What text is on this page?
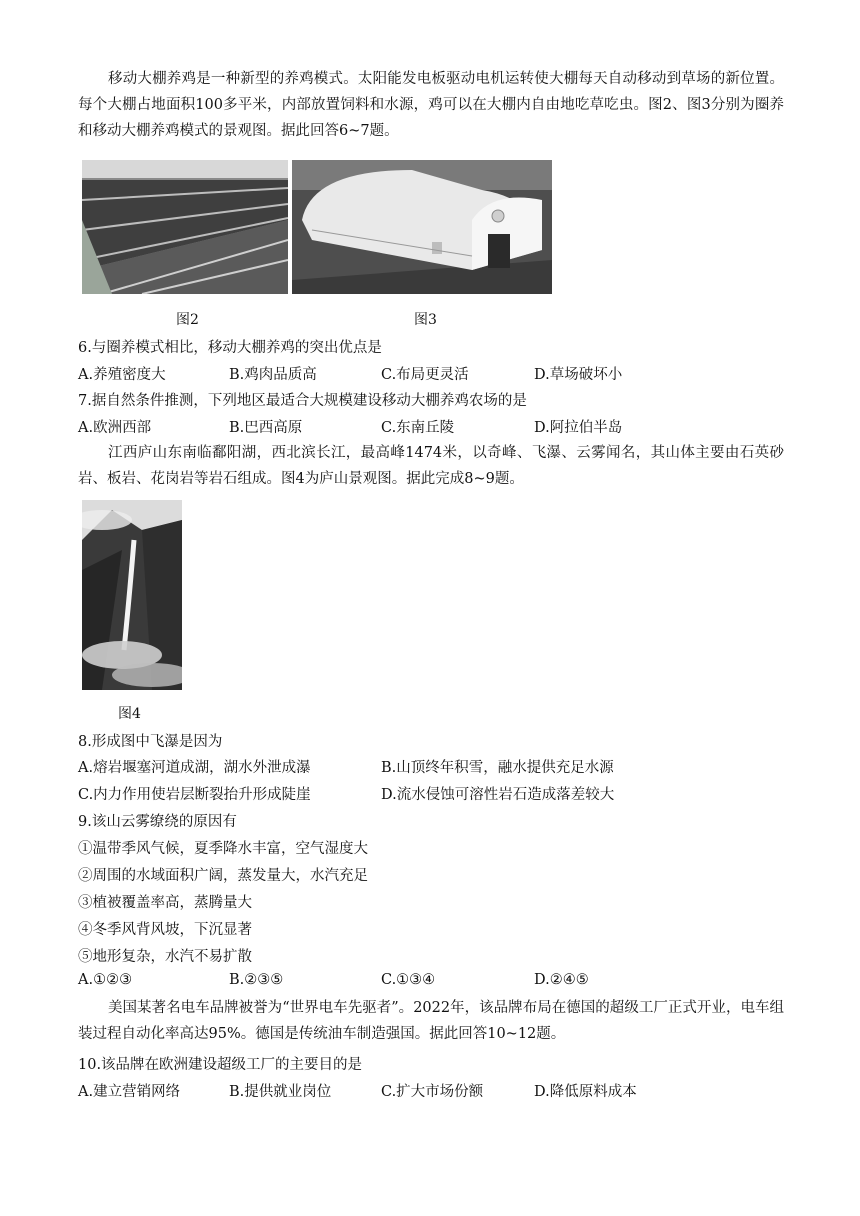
移动大棚养鸡是一种新型的养鸡模式。太阳能发电板驱动电机运转使大棚每天自动移动到草场的新位置。每个大棚占地面积100多平米，内部放置饲料和水源，鸡可以在大棚内自由地吃草吃虫。图2、图3分别为圈养和移动大棚养鸡模式的景观图。据此回答6~7题。
图2	图3
6.与圈养模式相比，移动大棚养鸡的突出优点是
A.养殖密度大	B.鸡肉品质高	C.布局更灵活	D.草场破坏小
7.据自然条件推测，下列地区最适合大规模建设移动大棚养鸡农场的是
A.欧洲西部	B.巴西高原	C.东南丘陵	D.阿拉伯半岛
江西庐山东南临鄱阳湖，西北滨长江，最高峰1474米，以奇峰、飞瀑、云雾闻名，其山体主要由石英砂岩、板岩、花岗岩等岩石组成。图4为庐山景观图。据此完成8~9题。
图4
8.形成图中飞瀑是因为
A.熔岩堰塞河道成湖，湖水外泄成瀑	B.山顶终年积雪，融水提供充足水源
C.内力作用使岩层断裂抬升形成陡崖	D.流水侵蚀可溶性岩石造成落差较大
9.该山云雾缭绕的原因有
①温带季风气候，夏季降水丰富，空气湿度大
②周围的水域面积广阔，蒸发量大，水汽充足
③植被覆盖率高，蒸腾量大
④冬季风背风坡，下沉显著
⑤地形复杂，水汽不易扩散
A.①②③	B.②③⑤	C.①③④	D.②④⑤
美国某著名电车品牌被誉为“世界电车先驱者”。2022年，该品牌布局在德国的超级工厂正式开业，电车组装过程自动化率高达95%。德国是传统油车制造强国。据此回答10~12题。
10.该品牌在欧洲建设超级工厂的主要目的是
A.建立营销网络	B.提供就业岗位	C.扩大市场份额	D.降低原料成本
